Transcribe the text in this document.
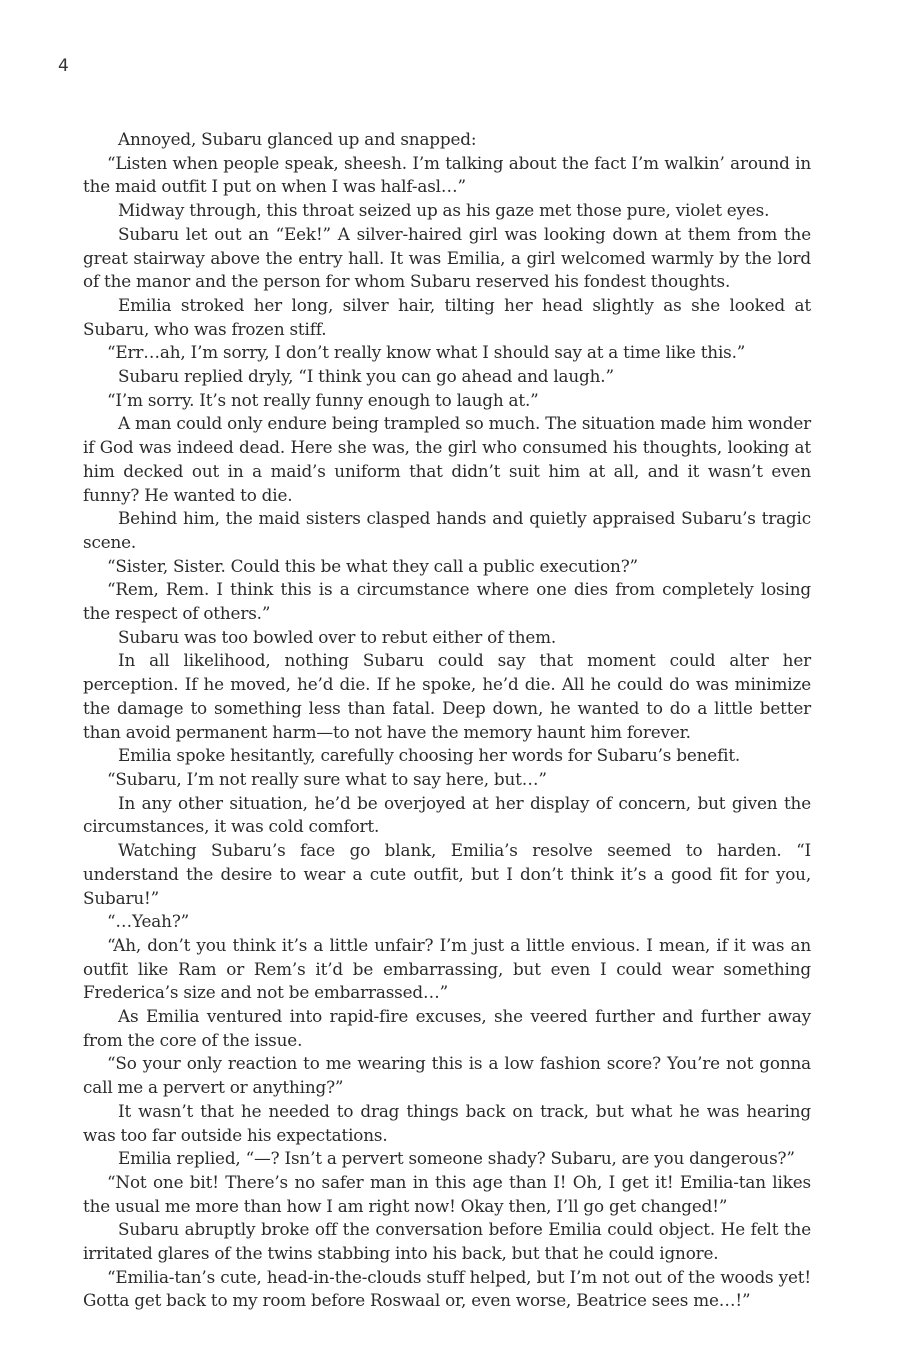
4

Annoyed, Subaru glanced up and snapped:

“Listen when people speak, sheesh. I’m talking about the fact I’m walkin’ around in the maid outfit I put on when I was half-asl…”

Midway through, this throat seized up as his gaze met those pure, violet eyes.

Subaru let out an “Eek!” A silver-haired girl was looking down at them from the great stairway above the entry hall. It was Emilia, a girl welcomed warmly by the lord of the manor and the person for whom Subaru reserved his fondest thoughts.

Emilia stroked her long, silver hair, tilting her head slightly as she looked at Subaru, who was frozen stiff.

“Err…ah, I’m sorry, I don’t really know what I should say at a time like this.”

Subaru replied dryly, “I think you can go ahead and laugh.”

“I’m sorry. It’s not really funny enough to laugh at.”

A man could only endure being trampled so much. The situation made him wonder if God was indeed dead. Here she was, the girl who consumed his thoughts, looking at him decked out in a maid’s uniform that didn’t suit him at all, and it wasn’t even funny? He wanted to die.

Behind him, the maid sisters clasped hands and quietly appraised Subaru’s tragic scene.

“Sister, Sister. Could this be what they call a public execution?”

“Rem, Rem. I think this is a circumstance where one dies from completely losing the respect of others.”

Subaru was too bowled over to rebut either of them.

In all likelihood, nothing Subaru could say that moment could alter her perception. If he moved, he’d die. If he spoke, he’d die. All he could do was minimize the damage to something less than fatal. Deep down, he wanted to do a little better than avoid permanent harm—to not have the memory haunt him forever.

Emilia spoke hesitantly, carefully choosing her words for Subaru’s benefit.

“Subaru, I’m not really sure what to say here, but…”

In any other situation, he’d be overjoyed at her display of concern, but given the circumstances, it was cold comfort.

Watching Subaru’s face go blank, Emilia’s resolve seemed to harden. “I understand the desire to wear a cute outfit, but I don’t think it’s a good fit for you, Subaru!”

“…Yeah?”

“Ah, don’t you think it’s a little unfair? I’m just a little envious. I mean, if it was an outfit like Ram or Rem’s it’d be embarrassing, but even I could wear something Frederica’s size and not be embarrassed…”

As Emilia ventured into rapid-fire excuses, she veered further and further away from the core of the issue.

“So your only reaction to me wearing this is a low fashion score? You’re not gonna call me a pervert or anything?”

It wasn’t that he needed to drag things back on track, but what he was hearing was too far outside his expectations.

Emilia replied, “—? Isn’t a pervert someone shady? Subaru, are you dangerous?”

“Not one bit! There’s no safer man in this age than I! Oh, I get it! Emilia-tan likes the usual me more than how I am right now! Okay then, I’ll go get changed!”

Subaru abruptly broke off the conversation before Emilia could object. He felt the irritated glares of the twins stabbing into his back, but that he could ignore.

“Emilia-tan’s cute, head-in-the-clouds stuff helped, but I’m not out of the woods yet! Gotta get back to my room before Roswaal or, even worse, Beatrice sees me…!”
